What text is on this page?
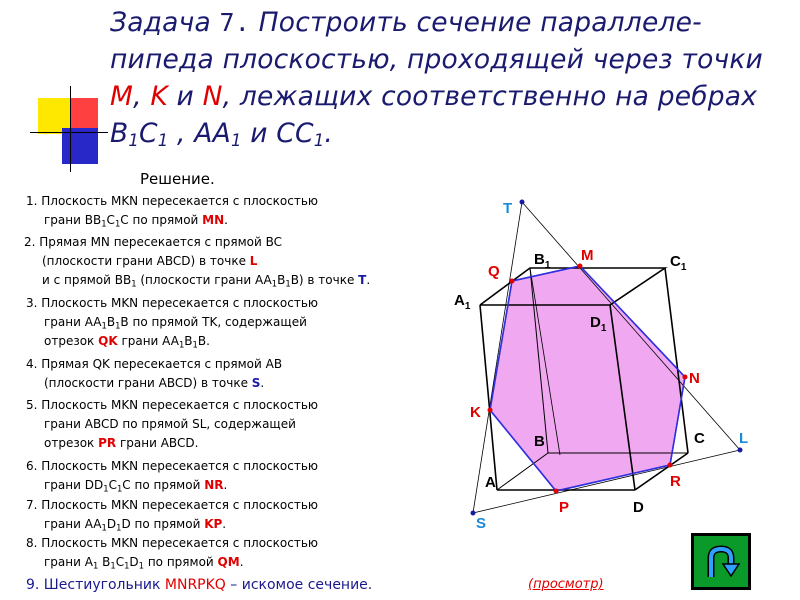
Задача 7. Построить сечение параллеле-пипеда плоскостью, проходящей через точки M, K и N, лежащих соответственно на ребрах $B_1C_1$ , $AA_1$ и $CC_1$.
Решение.
1. Плоскость MKN пересекается с плоскостью
грани $BB_1C_1C$ по прямой MN.
2. Прямая MN пересекается с прямой BC
(плоскости грани ABCD) в точке L
и с прямой $BB_1$ (плоскости грани $AA_1B_1B$) в точке T.
3. Плоскость MKN пересекается с плоскостью
грани $AA_1B_1B$ по прямой TK, содержащей
отрезок QK грани $AA_1B_1B$.
4. Прямая QK пересекается с прямой AB
(плоскости грани ABCD) в точке S.
5. Плоскость MKN пересекается с плоскостью
грани ABCD по прямой SL, содержащей
отрезок PR грани ABCD.
6. Плоскость MKN пересекается с плоскостью
грани $DD_1C_1C$ по прямой NR.
7. Плоскость MKN пересекается с плоскостью
грани $AA_1D_1D$ по прямой KP.
8. Плоскость MKN пересекается с плоскостью
грани $A_1$ $B_1C_1D_1$ по прямой QM.
9. Шестиугольник MNRPKQ – искомое сечение.	(просмотр)
T
$B_1$
M	$C_1$
Q
$A_1$
$D_1$
N
K
B	C L
R
A
P	D
S
